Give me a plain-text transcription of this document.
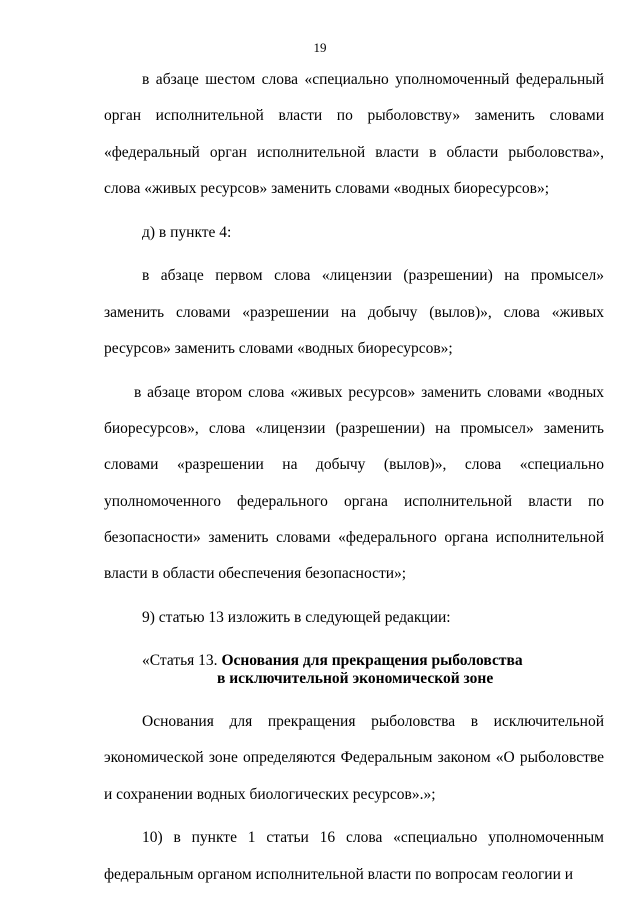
19

в абзаце шестом слова «специально уполномоченный федеральный орган исполнительной власти по рыболовству» заменить словами «федеральный орган исполнительной власти в области рыболовства», слова «живых ресурсов» заменить словами «водных биоресурсов»;

д) в пункте 4:

в абзаце первом слова «лицензии (разрешении) на промысел» заменить словами «разрешении на добычу (вылов)», слова «живых ресурсов» заменить словами «водных биоресурсов»;

в абзаце втором слова «живых ресурсов» заменить словами «водных биоресурсов», слова «лицензии (разрешении) на промысел» заменить словами «разрешении на добычу (вылов)», слова «специально уполномоченного федерального органа исполнительной власти по безопасности» заменить словами «федерального органа исполнительной власти в области обеспечения безопасности»;

9) статью 13 изложить в следующей редакции:

«Статья 13. Основания для прекращения рыболовства
в исключительной экономической зоне

Основания для прекращения рыболовства в исключительной экономической зоне определяются Федеральным законом «О рыболовстве и сохранении водных биологических ресурсов».»;

10) в пункте 1 статьи 16 слова «специально уполномоченным федеральным органом исполнительной власти по вопросам геологии и
